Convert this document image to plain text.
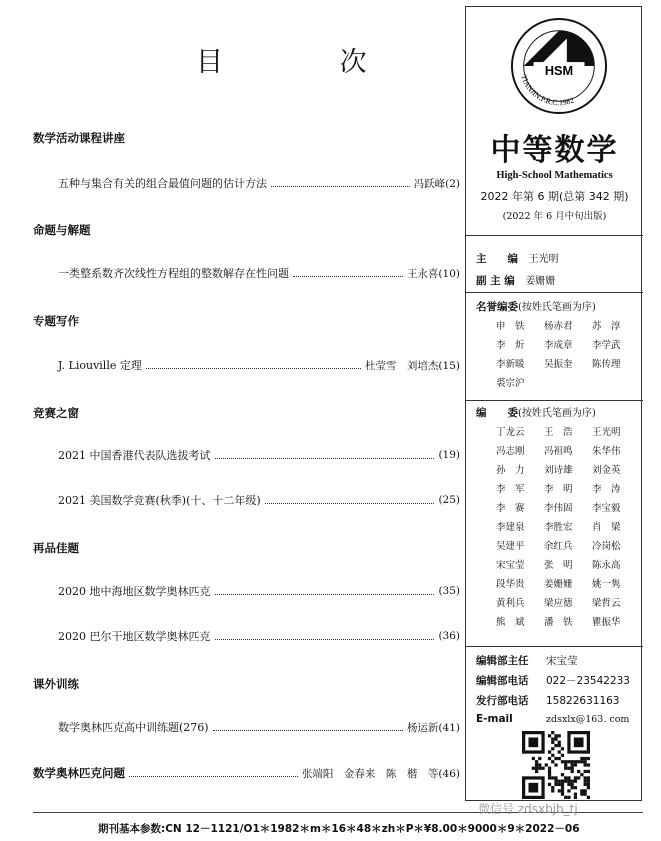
目 次
数学活动课程讲座
五种与集合有关的组合最值问题的估计方法	冯跃峰(2)
命题与解题
一类整系数齐次线性方程组的整数解存在性问题	王永喜(10)
专题写作
J. Liouville 定理	杜莹雪　刘培杰(15)
竞赛之窗
2021 中国香港代表队选拔考试	(19)
2021 美国数学竞赛(秋季)(十、十二年级)	(25)
再品佳题
2020 地中海地区数学奥林匹克	(35)
2020 巴尔干地区数学奥林匹克	(36)
课外训练
数学奥林匹克高中训练题(276)	杨运新(41)
数学奥林匹克问题	张端阳　金春来　陈　楷　等(46)
期刊基本参数:CN 12－1121/O1＊1982＊m＊16＊48＊zh＊P＊¥8.00＊9000＊9＊2022－06
微信号 zdsxbjb_tj
HSM
TIANJIN.P.R.C.1982
中等数学
High-School Mathematics
2022 年第 6 期(总第 342 期)
(2022 年 6 月中旬出版)
主　　编　 王光明
副 主 编　 姜姗姗
名誉编委(按姓氏笔画为序)
申　铁	杨赤君	苏　淳
李　炘	李成章	李学武
李新暖	吴振奎	陈传理
裘宗沪
编　　委(按姓氏笔画为序)
丁龙云	王　浩	王光明
冯志刚	冯祖鸣	朱华伟
孙　力	刘诗雄	刘金英
李　军	李　明	李　涛
李　赛	李伟固	李宝毅
李建泉	李胜宏	肖　梁
吴建平	余红兵	冷岗松
宋宝莹	张　明	陈永高
段华贵	姜姗姗	姚一隽
黄利兵	梁应德	梁哲云
熊　斌	潘　铁	瞿振华
编辑部主任 宋宝莹
编辑部电话 022－23542233
发行部电话 15822631163
E-mail	zdsxlx@163. com
